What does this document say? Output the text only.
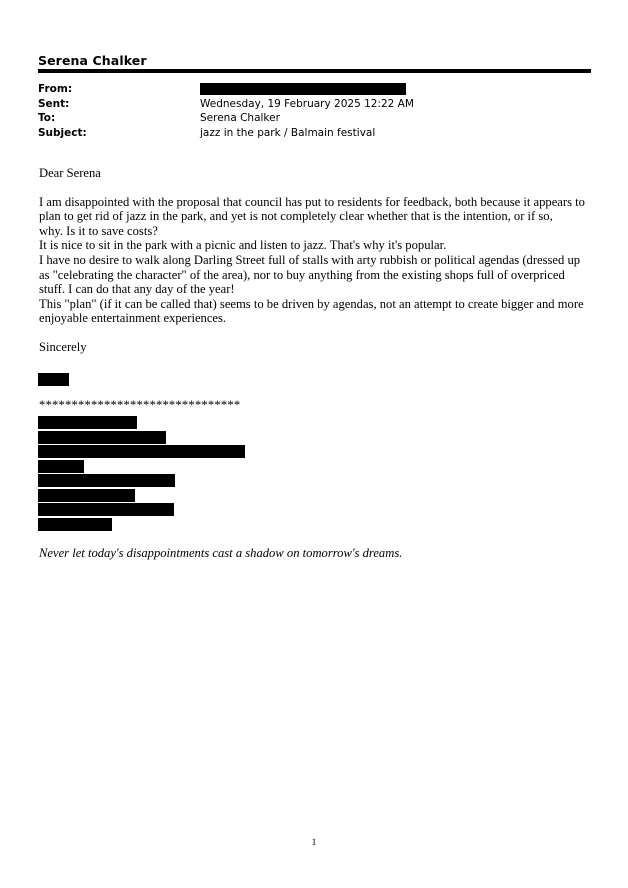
Serena Chalker
From:
Sent:	Wednesday, 19 February 2025 12:22 AM
To:	Serena Chalker
Subject:	jazz in the park / Balmain festival

Dear Serena

I am disappointed with the proposal that council has put to residents for feedback, both because it appears to

plan to get rid of jazz in the park, and yet is not completely clear whether that is the intention, or if so,

why. Is it to save costs?

It is nice to sit in the park with a picnic and listen to jazz. That's why it's popular.

I have no desire to walk along Darling Street full of stalls with arty rubbish or political agendas (dressed up

as "celebrating the character" of the area), nor to buy anything from the existing shops full of overpriced

stuff. I can do that any day of the year!

This "plan" (if it can be called that) seems to be driven by agendas, not an attempt to create bigger and more

enjoyable entertainment experiences.

Sincerely

*******************************
Never let today's disappointments cast a shadow on tomorrow's dreams.
1
